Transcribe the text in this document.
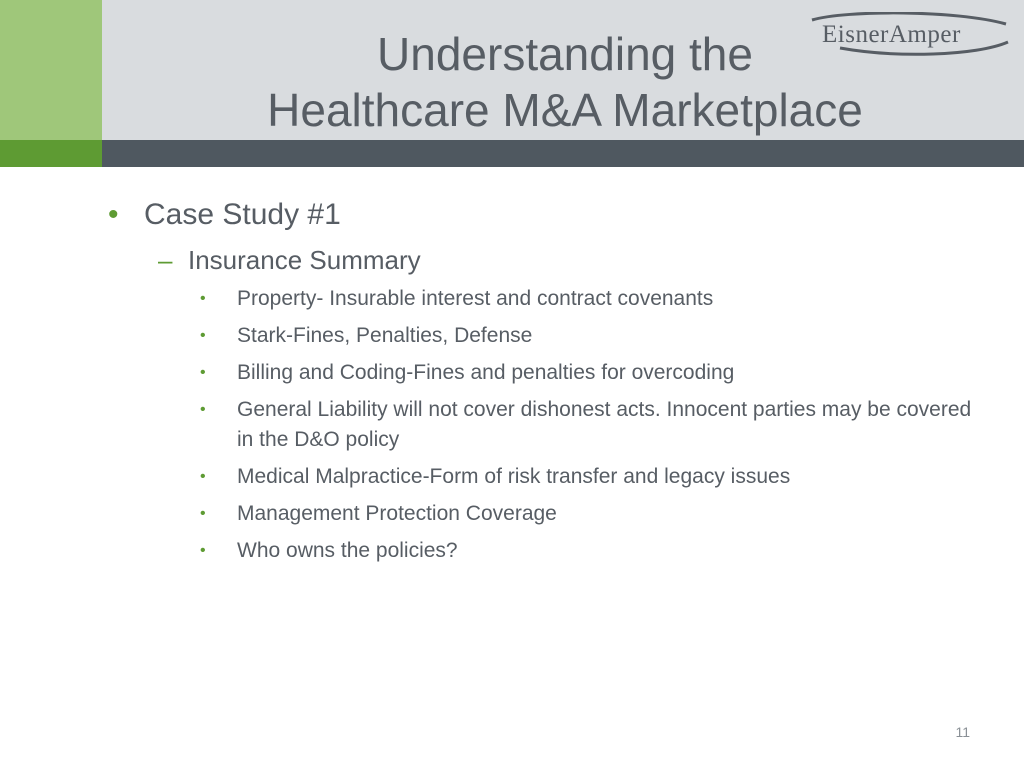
Understanding the
Healthcare M&A Marketplace
EisnerAmper
• Case Study #1
– Insurance Summary
• Property- Insurable interest and contract covenants
• Stark-Fines, Penalties, Defense
• Billing and Coding-Fines and penalties for overcoding
• General Liability will not cover dishonest acts. Innocent parties may be covered in the D&O policy
• Medical Malpractice-Form of risk transfer and legacy issues
• Management Protection Coverage
• Who owns the policies?
11
